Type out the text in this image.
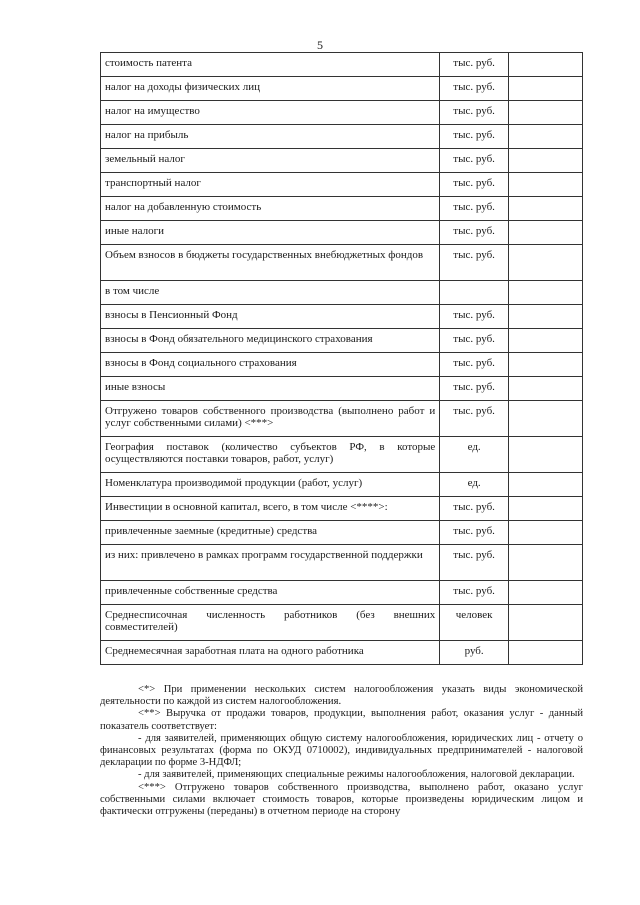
5
стоимость патента	тыс. руб.	
налог на доходы физических лиц	тыс. руб.	
налог на имущество	тыс. руб.	
налог на прибыль	тыс. руб.	
земельный налог	тыс. руб.	
транспортный налог	тыс. руб.	
налог на добавленную стоимость	тыс. руб.	
иные налоги	тыс. руб.	
Объем взносов в бюджеты государственных внебюджетных фондов	тыс. руб.	
в том числе		
взносы в Пенсионный Фонд	тыс. руб.	
взносы в Фонд обязательного медицинского страхования	тыс. руб.	
взносы в Фонд социального страхования	тыс. руб.	
иные взносы	тыс. руб.	
Отгружено товаров собственного производства (выполнено работ и услуг собственными силами) <***>	тыс. руб.	
География поставок (количество субъектов РФ, в которые осуществляются поставки товаров, работ, услуг)	ед.	
Номенклатура производимой продукции (работ, услуг)	ед.	
Инвестиции в основной капитал, всего, в том числе <****>:	тыс. руб.	
привлеченные заемные (кредитные) средства	тыс. руб.	
из них: привлечено в рамках программ государственной поддержки	тыс. руб.	
привлеченные собственные средства	тыс. руб.	
Среднесписочная численность работников (без внешних совместителей)	человек	
Среднемесячная заработная плата на одного работника	руб.	

<*> При применении нескольких систем налогообложения указать виды экономической деятельности по каждой из систем налогообложения.

<**> Выручка от продажи товаров, продукции, выполнения работ, оказания услуг - данный показатель соответствует:

- для заявителей, применяющих общую систему налогообложения, юридических лиц - отчету о финансовых результатах (форма по ОКУД 0710002), индивидуальных предпринимателей - налоговой декларации по форме 3-НДФЛ;

- для заявителей, применяющих специальные режимы налогообложения, налоговой декларации.

<***> Отгружено товаров собственного производства, выполнено работ, оказано услуг собственными силами включает стоимость товаров, которые произведены юридическим лицом и фактически отгружены (переданы) в отчетном периоде на сторону
